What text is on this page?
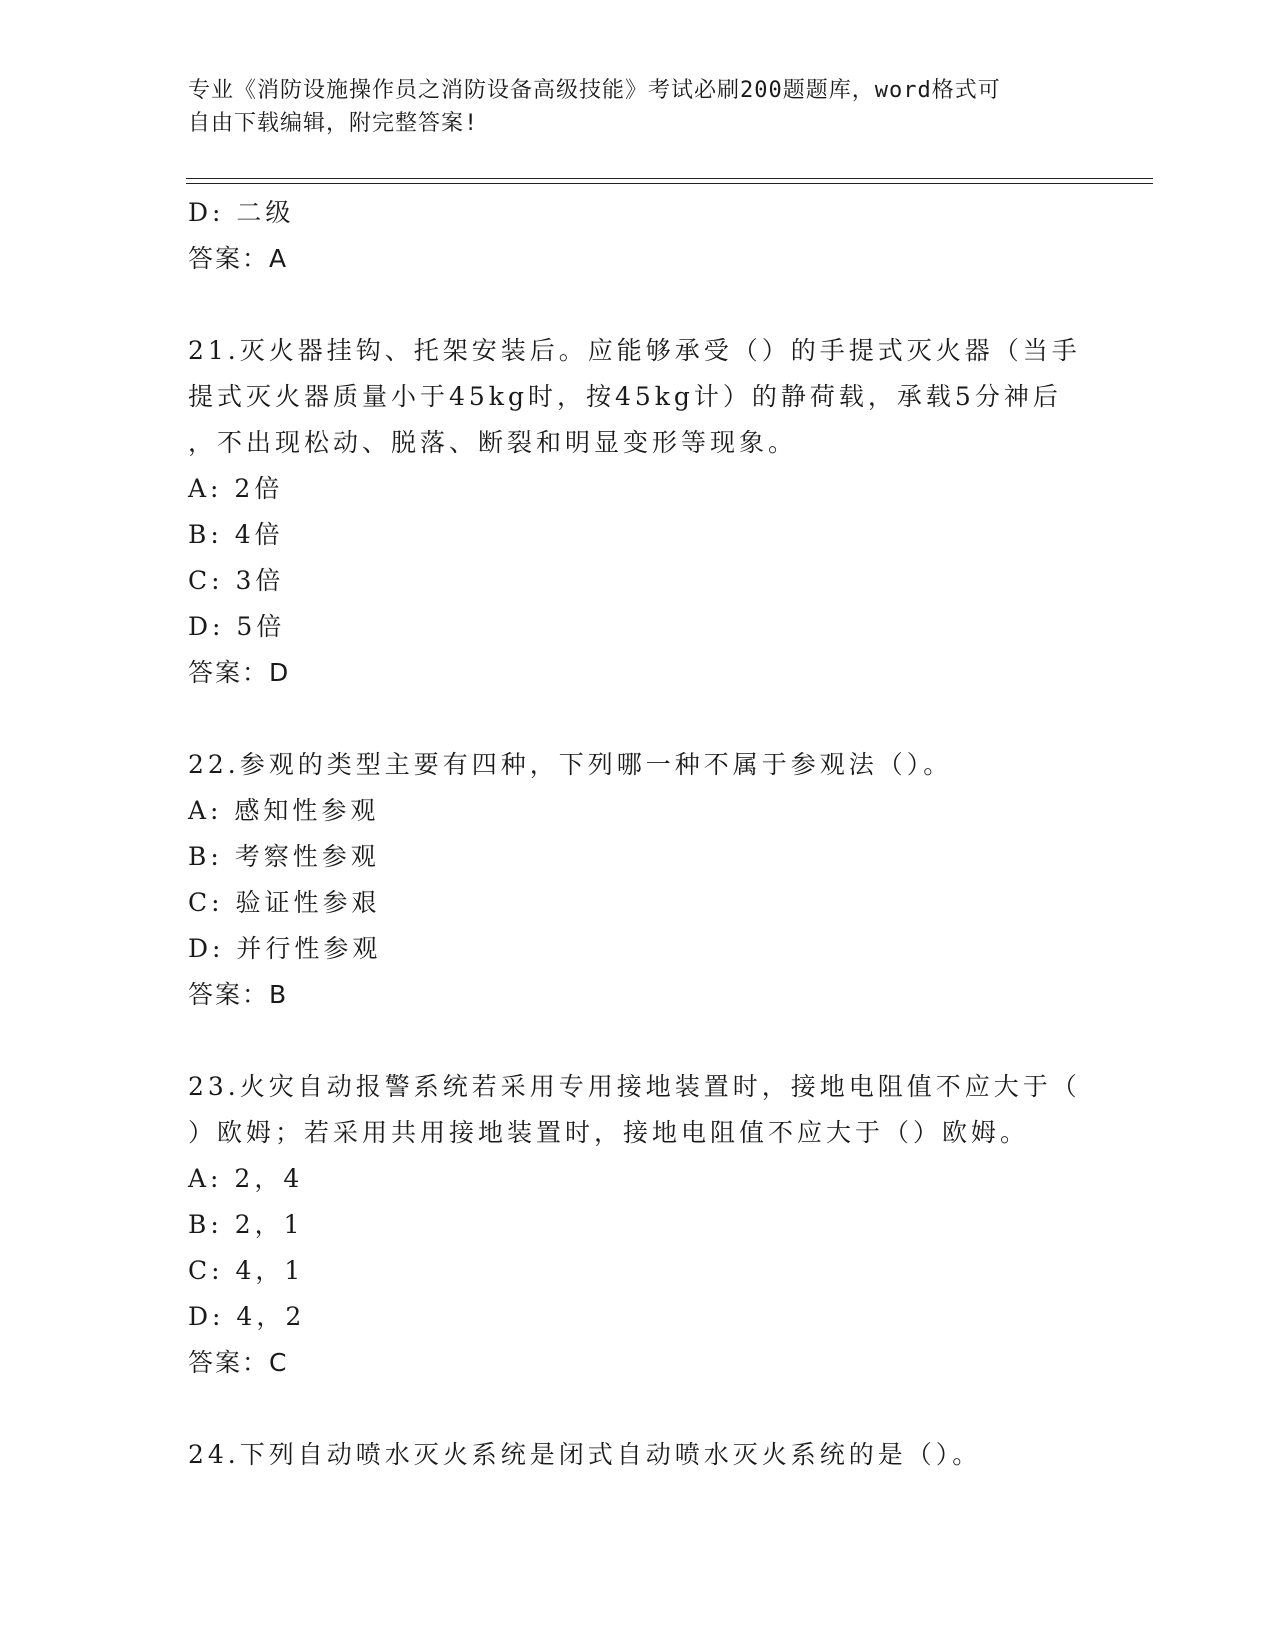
专业《消防设施操作员之消防设备高级技能》考试必刷200题题库，word格式可
自由下载编辑，附完整答案!
D: 二级
答案：A
21.灭火器挂钩、托架安装后。应能够承受（）的手提式灭火器（当手
提式灭火器质量小于45kg时，按45kg计）的静荷载，承载5分神后
，不出现松动、脱落、断裂和明显变形等现象。
A: 2倍
B: 4倍
C: 3倍
D: 5倍
答案：D
22.参观的类型主要有四种，下列哪一种不属于参观法（）。
A: 感知性参观
B: 考察性参观
C: 验证性参艰
D: 并行性参观
答案：B
23.火灾自动报警系统若采用专用接地装置时，接地电阻值不应大于（
）欧姆；若采用共用接地装置时，接地电阻值不应大于（）欧姆。
A: 2，4
B: 2，1
C: 4，1
D: 4，2
答案：C
24.下列自动喷水灭火系统是闭式自动喷水灭火系统的是（）。
